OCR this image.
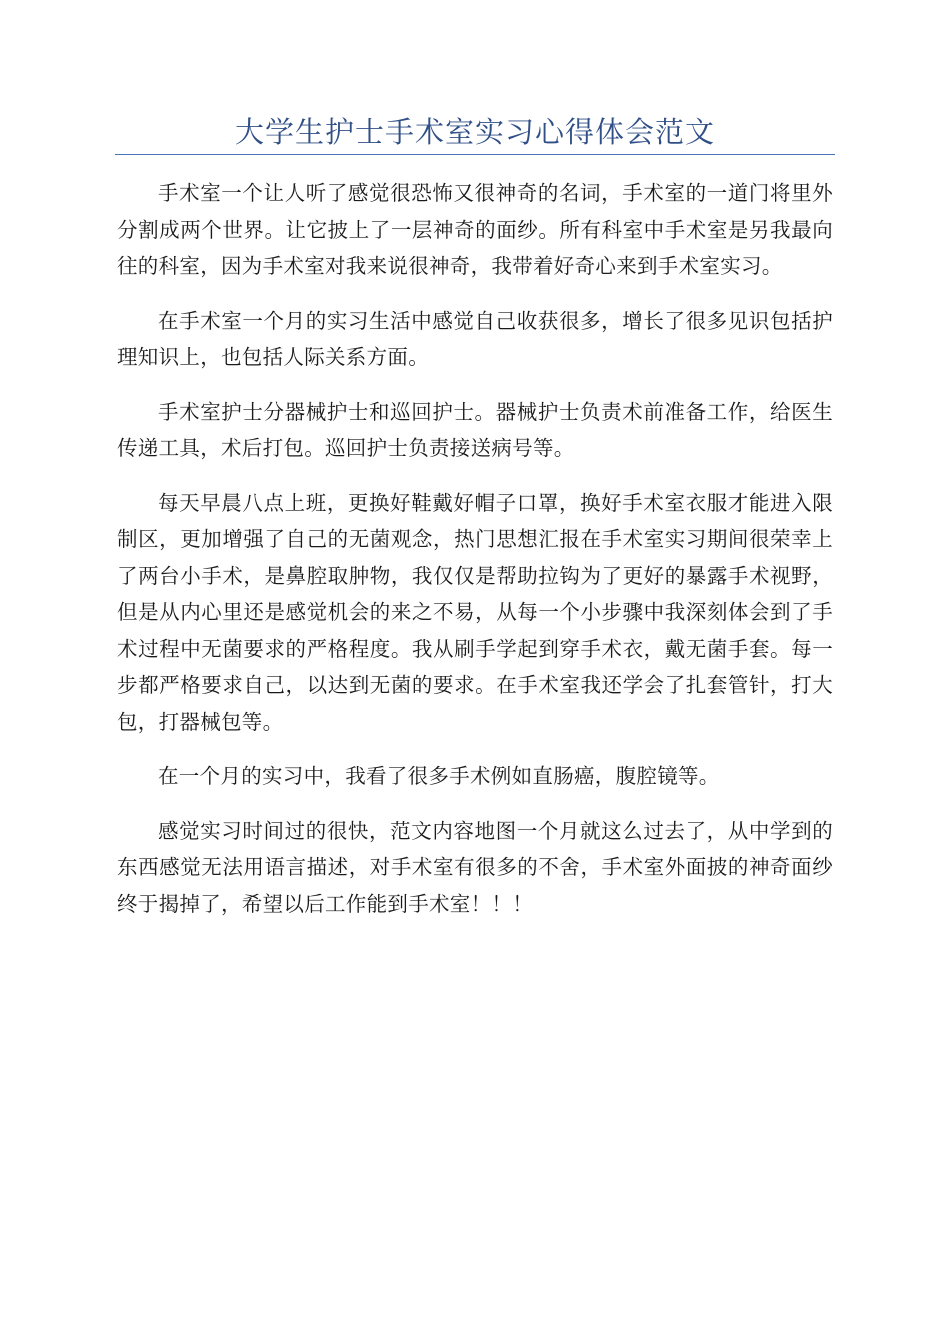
大学生护士手术室实习心得体会范文

手术室一个让人听了感觉很恐怖又很神奇的名词，手术室的一道门将里外分割成两个世界。让它披上了一层神奇的面纱。所有科室中手术室是另我最向往的科室，因为手术室对我来说很神奇，我带着好奇心来到手术室实习。

在手术室一个月的实习生活中感觉自己收获很多，增长了很多见识包括护理知识上，也包括人际关系方面。

手术室护士分器械护士和巡回护士。器械护士负责术前准备工作，给医生传递工具，术后打包。巡回护士负责接送病号等。

每天早晨八点上班，更换好鞋戴好帽子口罩，换好手术室衣服才能进入限制区，更加增强了自己的无菌观念，热门思想汇报在手术室实习期间很荣幸上了两台小手术，是鼻腔取肿物，我仅仅是帮助拉钩为了更好的暴露手术视野，但是从内心里还是感觉机会的来之不易，从每一个小步骤中我深刻体会到了手术过程中无菌要求的严格程度。我从刷手学起到穿手术衣，戴无菌手套。每一步都严格要求自己，以达到无菌的要求。在手术室我还学会了扎套管针，打大包，打器械包等。

在一个月的实习中，我看了很多手术例如直肠癌，腹腔镜等。

感觉实习时间过的很快，范文内容地图一个月就这么过去了，从中学到的东西感觉无法用语言描述，对手术室有很多的不舍，手术室外面披的神奇面纱终于揭掉了，希望以后工作能到手术室！！！
